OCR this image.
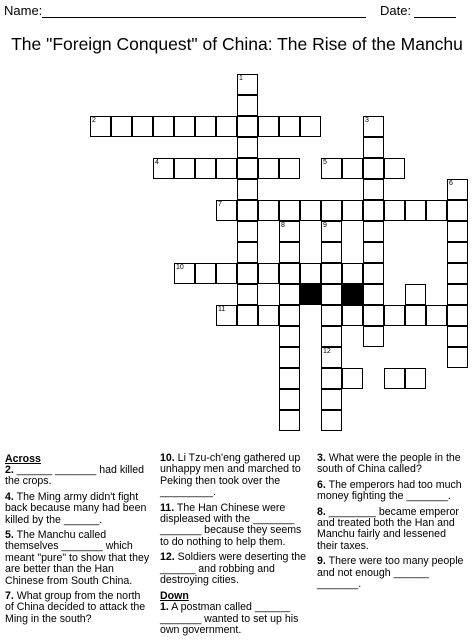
Name:	Date:
The "Foreign Conquest" of China: The Rise of the Manchu
1
2
4	5
7
3
6
8	9
12
10
11
Across
2. ______ _______ had killed the crops.
4. The Ming army didn't fight back because many had been killed by the ______.
5. The Manchu called themselves _______ which meant "pure" to show that they are better than the Han Chinese from South China.
7. What group from the north of China decided to attack the Ming in the south?
10. Li Tzu-ch'eng gathered up unhappy men and marched to Peking then took over the _________.
11. The Han Chinese were displeased with the _______ _______ because they seems to do nothing to help them.
12. Soldiers were deserting the ______ and robbing and destroying cities.
Down
1. A postman called ______ _______ wanted to set up his own government.
3. What were the people in the south of China called?
6. The emperors had too much money fighting the _______.
8. ________ became emperor and treated both the Han and Manchu fairly and lessened their taxes.
9. There were too many people and not enough ______ _______.
